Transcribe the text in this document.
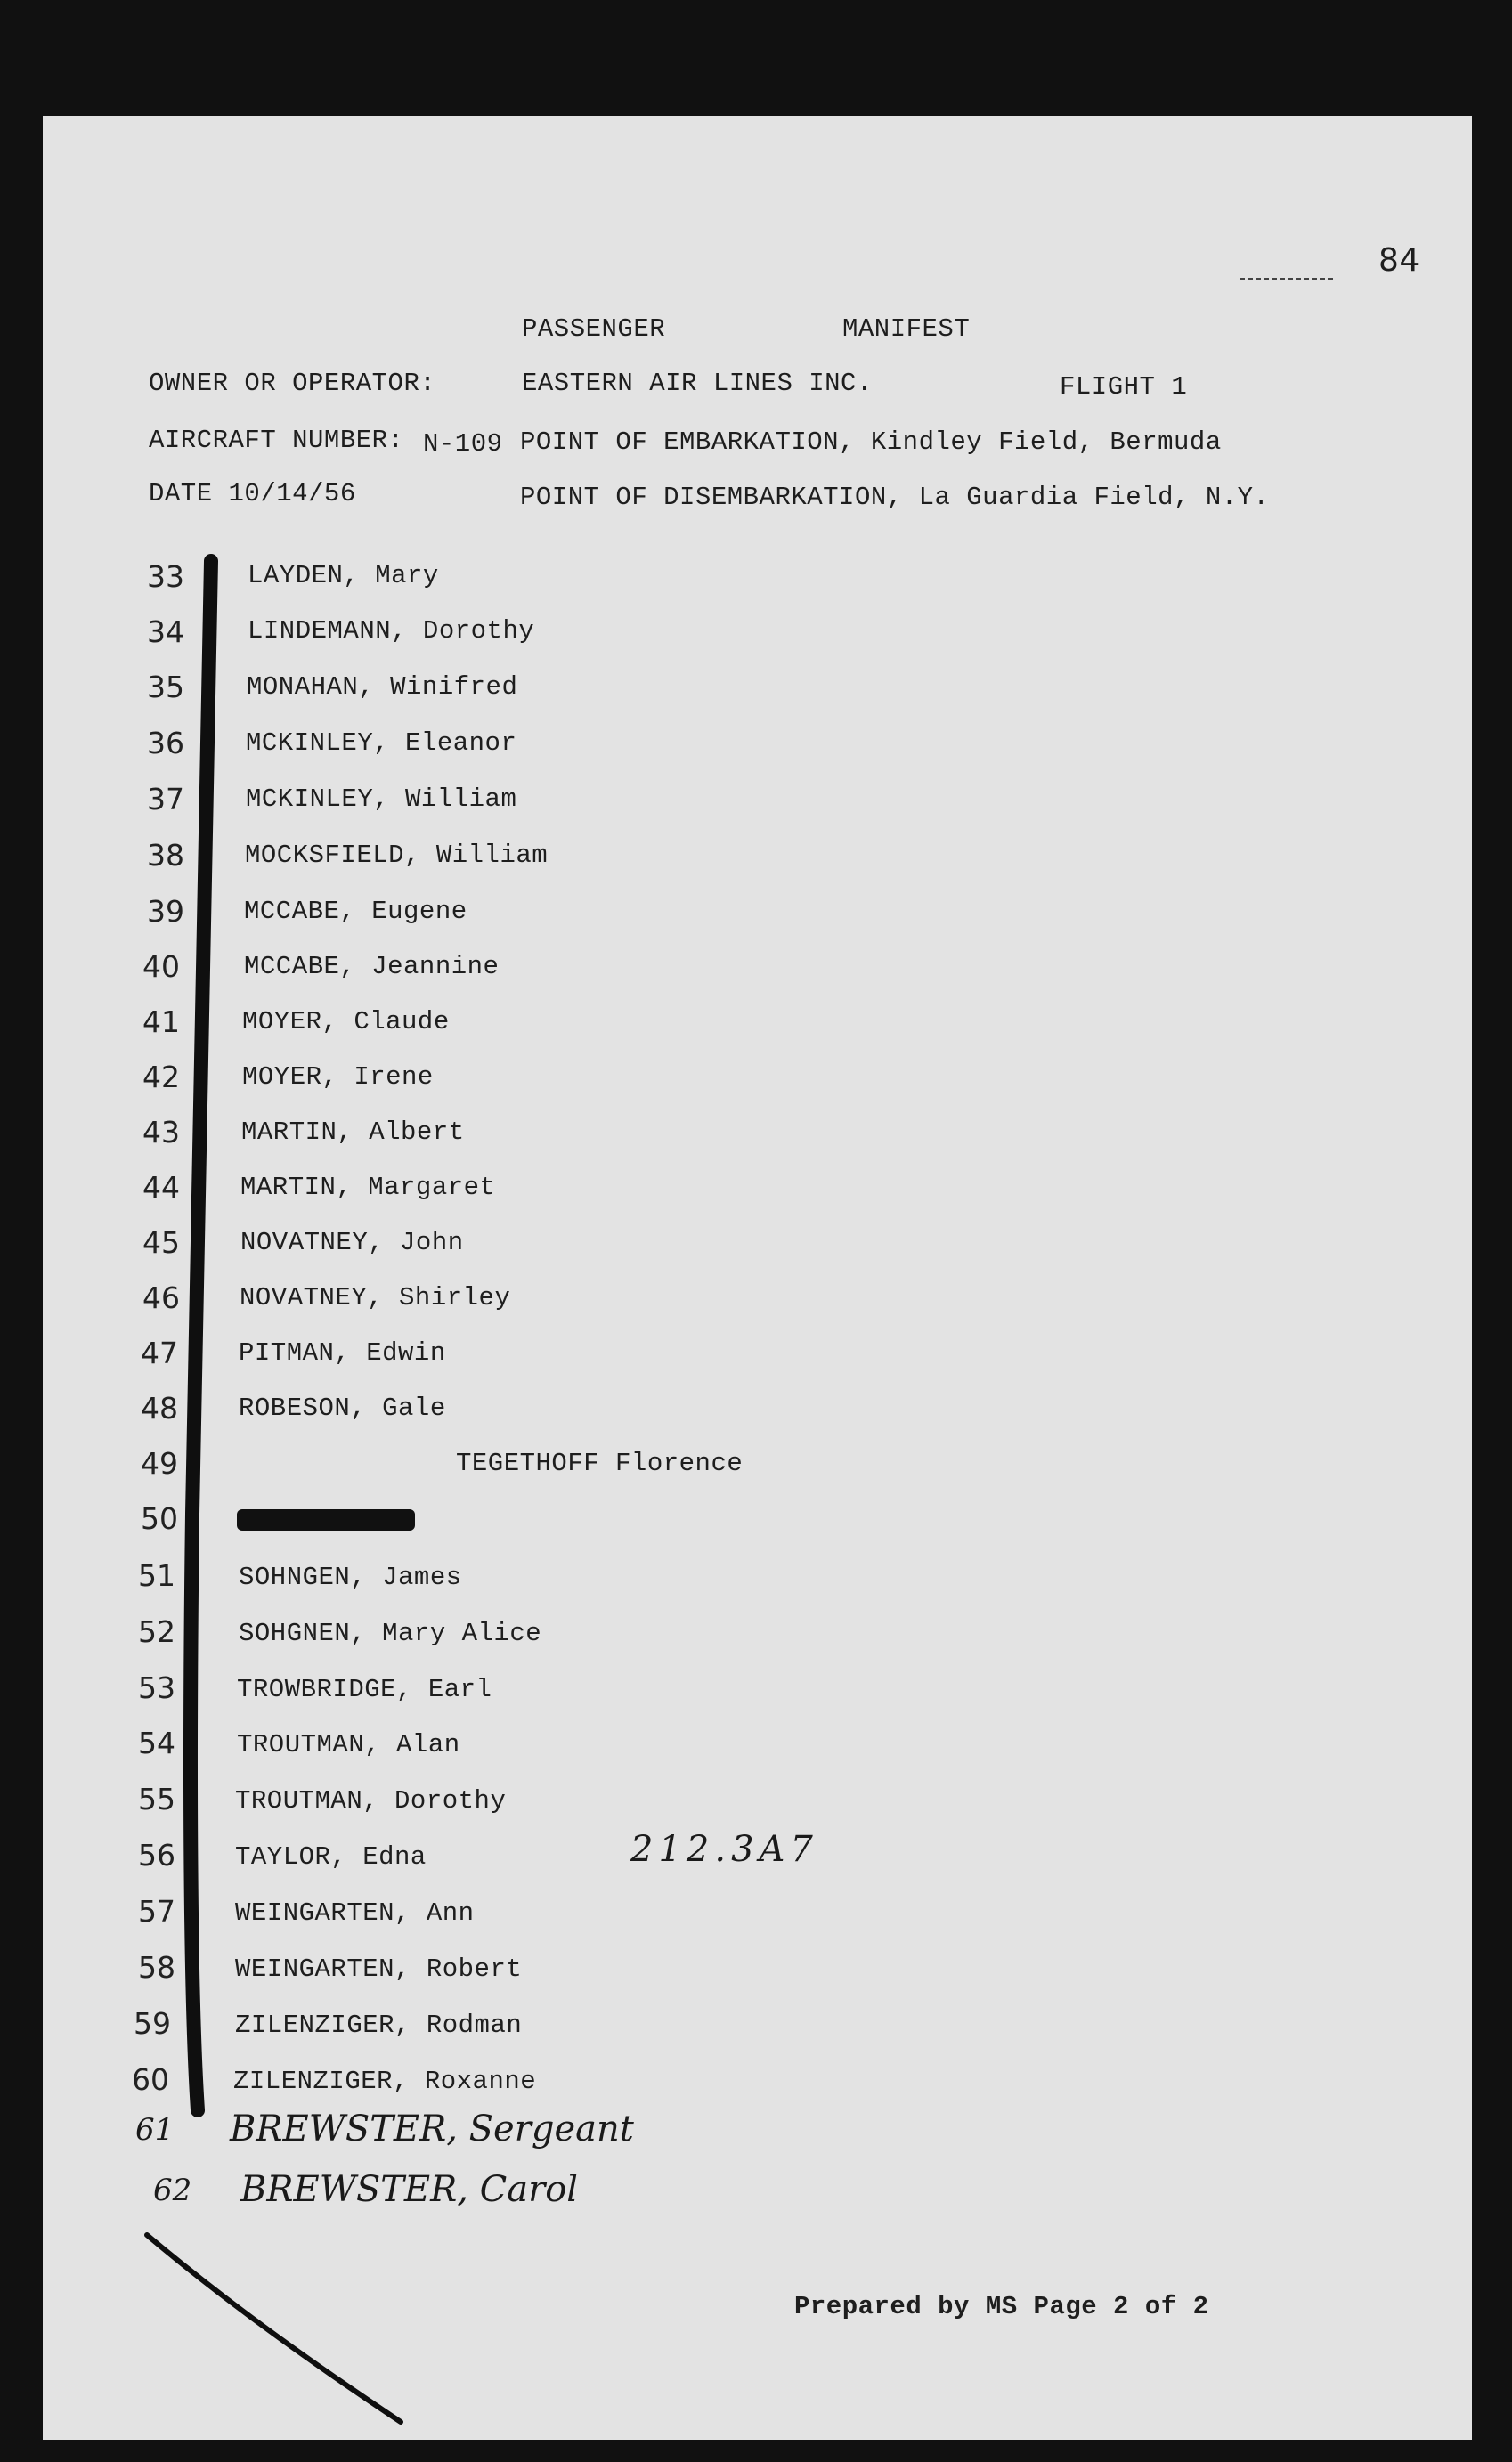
84
PASSENGER	MANIFEST
OWNER OR OPERATOR:	EASTERN AIR LINES INC.	FLIGHT 1
AIRCRAFT NUMBER: N-109 POINT OF EMBARKATION, Kindley Field, Bermuda
DATE 10/14/56	POINT OF DISEMBARKATION, La Guardia Field, N.Y.
33 LAYDEN, Mary
34 LINDEMANN, Dorothy
35 MONAHAN, Winifred
36 MCKINLEY, Eleanor
37 MCKINLEY, William
38 MOCKSFIELD, William
39 MCCABE, Eugene
40 MCCABE, Jeannine
41 MOYER, Claude
42 MOYER, Irene
43 MARTIN, Albert
44 MARTIN, Margaret
45 NOVATNEY, John
46 NOVATNEY, Shirley
47 PITMAN, Edwin
48 ROBESON, Gale
49	TEGETHOFF Florence
50
51 SOHNGEN, James
52 SOHGNEN, Mary Alice
53 TROWBRIDGE, Earl
54 TROUTMAN, Alan
55 TROUTMAN, Dorothy
56 TAYLOR, Edna
57 WEINGARTEN, Ann
58 WEINGARTEN, Robert
59 ZILENZIGER, Rodman
60 ZILENZIGER, Roxanne
61 BREWSTER, Sergeant
62 BREWSTER, Carol
212.3A7
Prepared by MS Page 2 of 2
